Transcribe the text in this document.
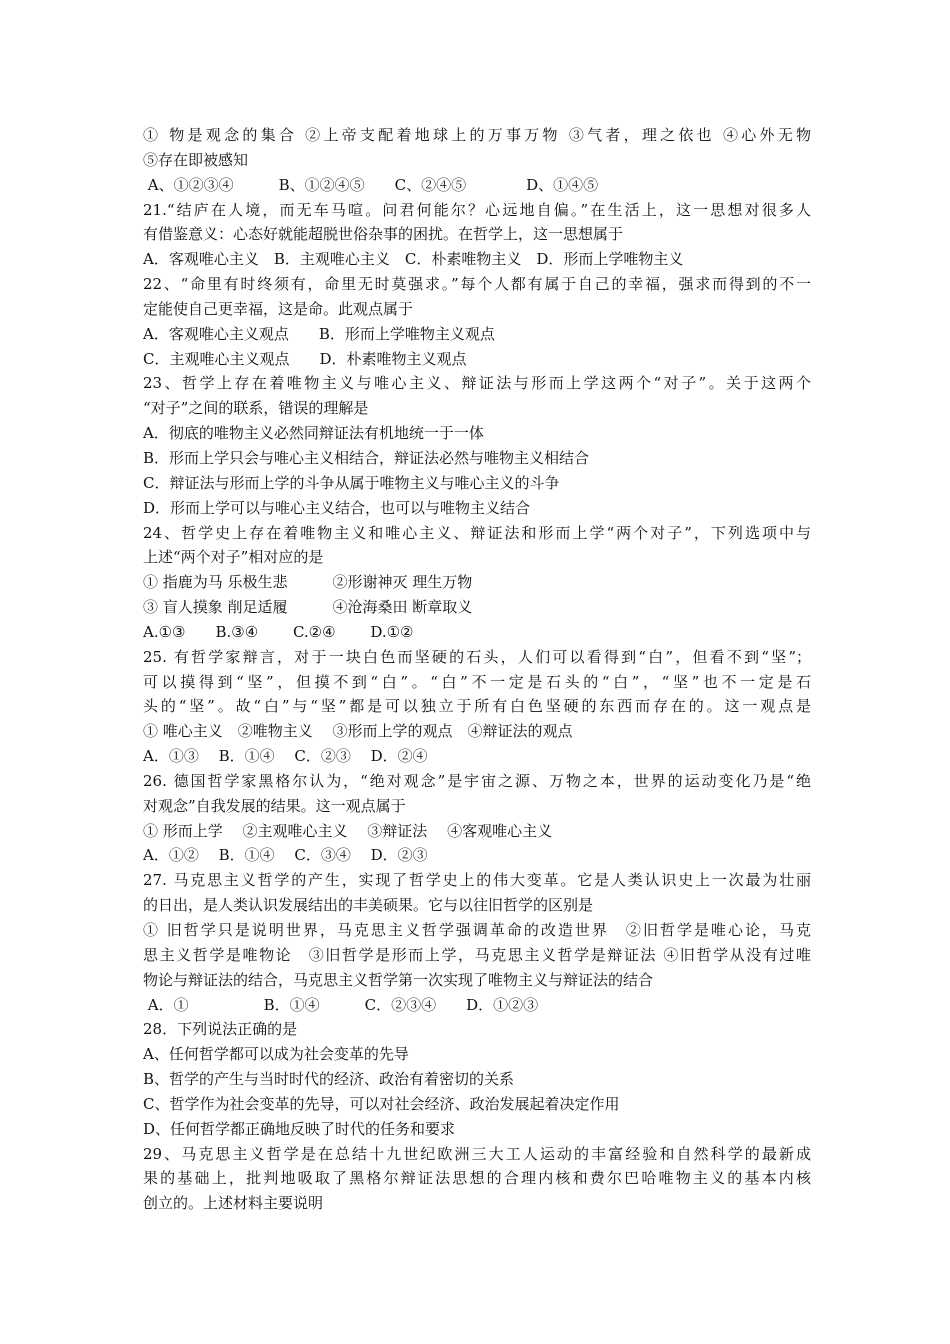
① 物是观念的集合 ②上帝支配着地球上的万事万物 ③气者，理之依也 ④心外无物
⑤存在即被感知
A、①②③④　　　B、①②④⑤　　C、②④⑤　　　　D、①④⑤
21.“结庐在人境，而无车马喧。问君何能尔？心远地自偏。”在生活上，这一思想对很多人
有借鉴意义：心态好就能超脱世俗杂事的困扰。在哲学上，这一思想属于
A．客观唯心主义　B．主观唯心主义　C．朴素唯物主义　D．形而上学唯物主义
22、“命里有时终须有，命里无时莫强求。”每个人都有属于自己的幸福，强求而得到的不一
定能使自己更幸福，这是命。此观点属于
A．客观唯心主义观点　　B．形而上学唯物主义观点
C．主观唯心主义观点　　D．朴素唯物主义观点
23、哲学上存在着唯物主义与唯心主义、辩证法与形而上学这两个“对子”。关于这两个
“对子”之间的联系，错误的理解是
A．彻底的唯物主义必然同辩证法有机地统一于一体
B．形而上学只会与唯心主义相结合，辩证法必然与唯物主义相结合
C．辩证法与形而上学的斗争从属于唯物主义与唯心主义的斗争
D．形而上学可以与唯心主义结合，也可以与唯物主义结合
24、哲学史上存在着唯物主义和唯心主义、辩证法和形而上学“两个对子”，下列选项中与
上述“两个对子”相对应的是
① 指鹿为马 乐极生悲　　　②形谢神灭 理生万物
③ 盲人摸象 削足适履　　　④沧海桑田 断章取义
A.①③　　B.③④　　 C.②④　　 D.①②
25. 有哲学家辩言，对于一块白色而坚硬的石头，人们可以看得到“白”，但看不到“坚”；
可以摸得到“坚”，但摸不到“白”。“白”不一定是石头的“白”，“坚”也不一定是石
头的“坚”。故“白”与“坚”都是可以独立于所有白色坚硬的东西而存在的。这一观点是
① 唯心主义　②唯物主义　 ③形而上学的观点　④辩证法的观点
A．①③　 B．①④　 C．②③　 D．②④
26. 德国哲学家黑格尔认为，“绝对观念”是宇宙之源、万物之本，世界的运动变化乃是“绝
对观念”自我发展的结果。这一观点属于
① 形而上学　 ②主观唯心主义　 ③辩证法　 ④客观唯心主义
A．①②　 B．①④　 C．③④　 D．②③
27. 马克思主义哲学的产生，实现了哲学史上的伟大变革。它是人类认识史上一次最为壮丽
的日出，是人类认识发展结出的丰美硕果。它与以往旧哲学的区别是
① 旧哲学只是说明世界，马克思主义哲学强调革命的改造世界　②旧哲学是唯心论，马克
思主义哲学是唯物论　③旧哲学是形而上学，马克思主义哲学是辩证法 ④旧哲学从没有过唯
物论与辩证法的结合，马克思主义哲学第一次实现了唯物主义与辩证法的结合
A．①　　　　　B．①④　　　C．②③④　　D．①②③
28．下列说法正确的是
A、任何哲学都可以成为社会变革的先导
B、哲学的产生与当时时代的经济、政治有着密切的关系
C、哲学作为社会变革的先导，可以对社会经济、政治发展起着决定作用
D、任何哲学都正确地反映了时代的任务和要求
29、马克思主义哲学是在总结十九世纪欧洲三大工人运动的丰富经验和自然科学的最新成
果的基础上，批判地吸取了黑格尔辩证法思想的合理内核和费尔巴哈唯物主义的基本内核
创立的。上述材料主要说明
